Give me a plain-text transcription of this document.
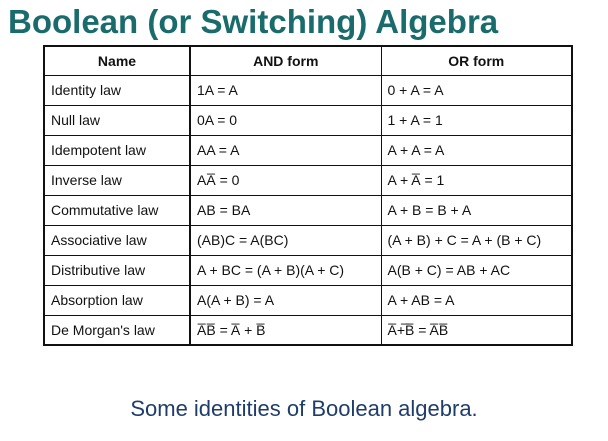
Boolean (or Switching) Algebra
Name	AND form	OR form
Identity law	1A = A	0 + A = A
Null law	0A = 0	1 + A = 1
Idempotent law	AA = A	A + A = A
Inverse law	AA̅ = 0	A + A̅ = 1
Commutative law	AB = BA	A + B = B + A
Associative law	(AB)C = A(BC)	(A + B) + C = A + (B + C)
Distributive law	A + BC = (A + B)(A + C)	A(B + C) = AB + AC
Absorption law	A(A + B) = A	A + AB = A
De Morgan's law	A̅B̅ = A̅ + B̅	A̅+̅B̅ = A̅B̅
Some identities of Boolean algebra.
